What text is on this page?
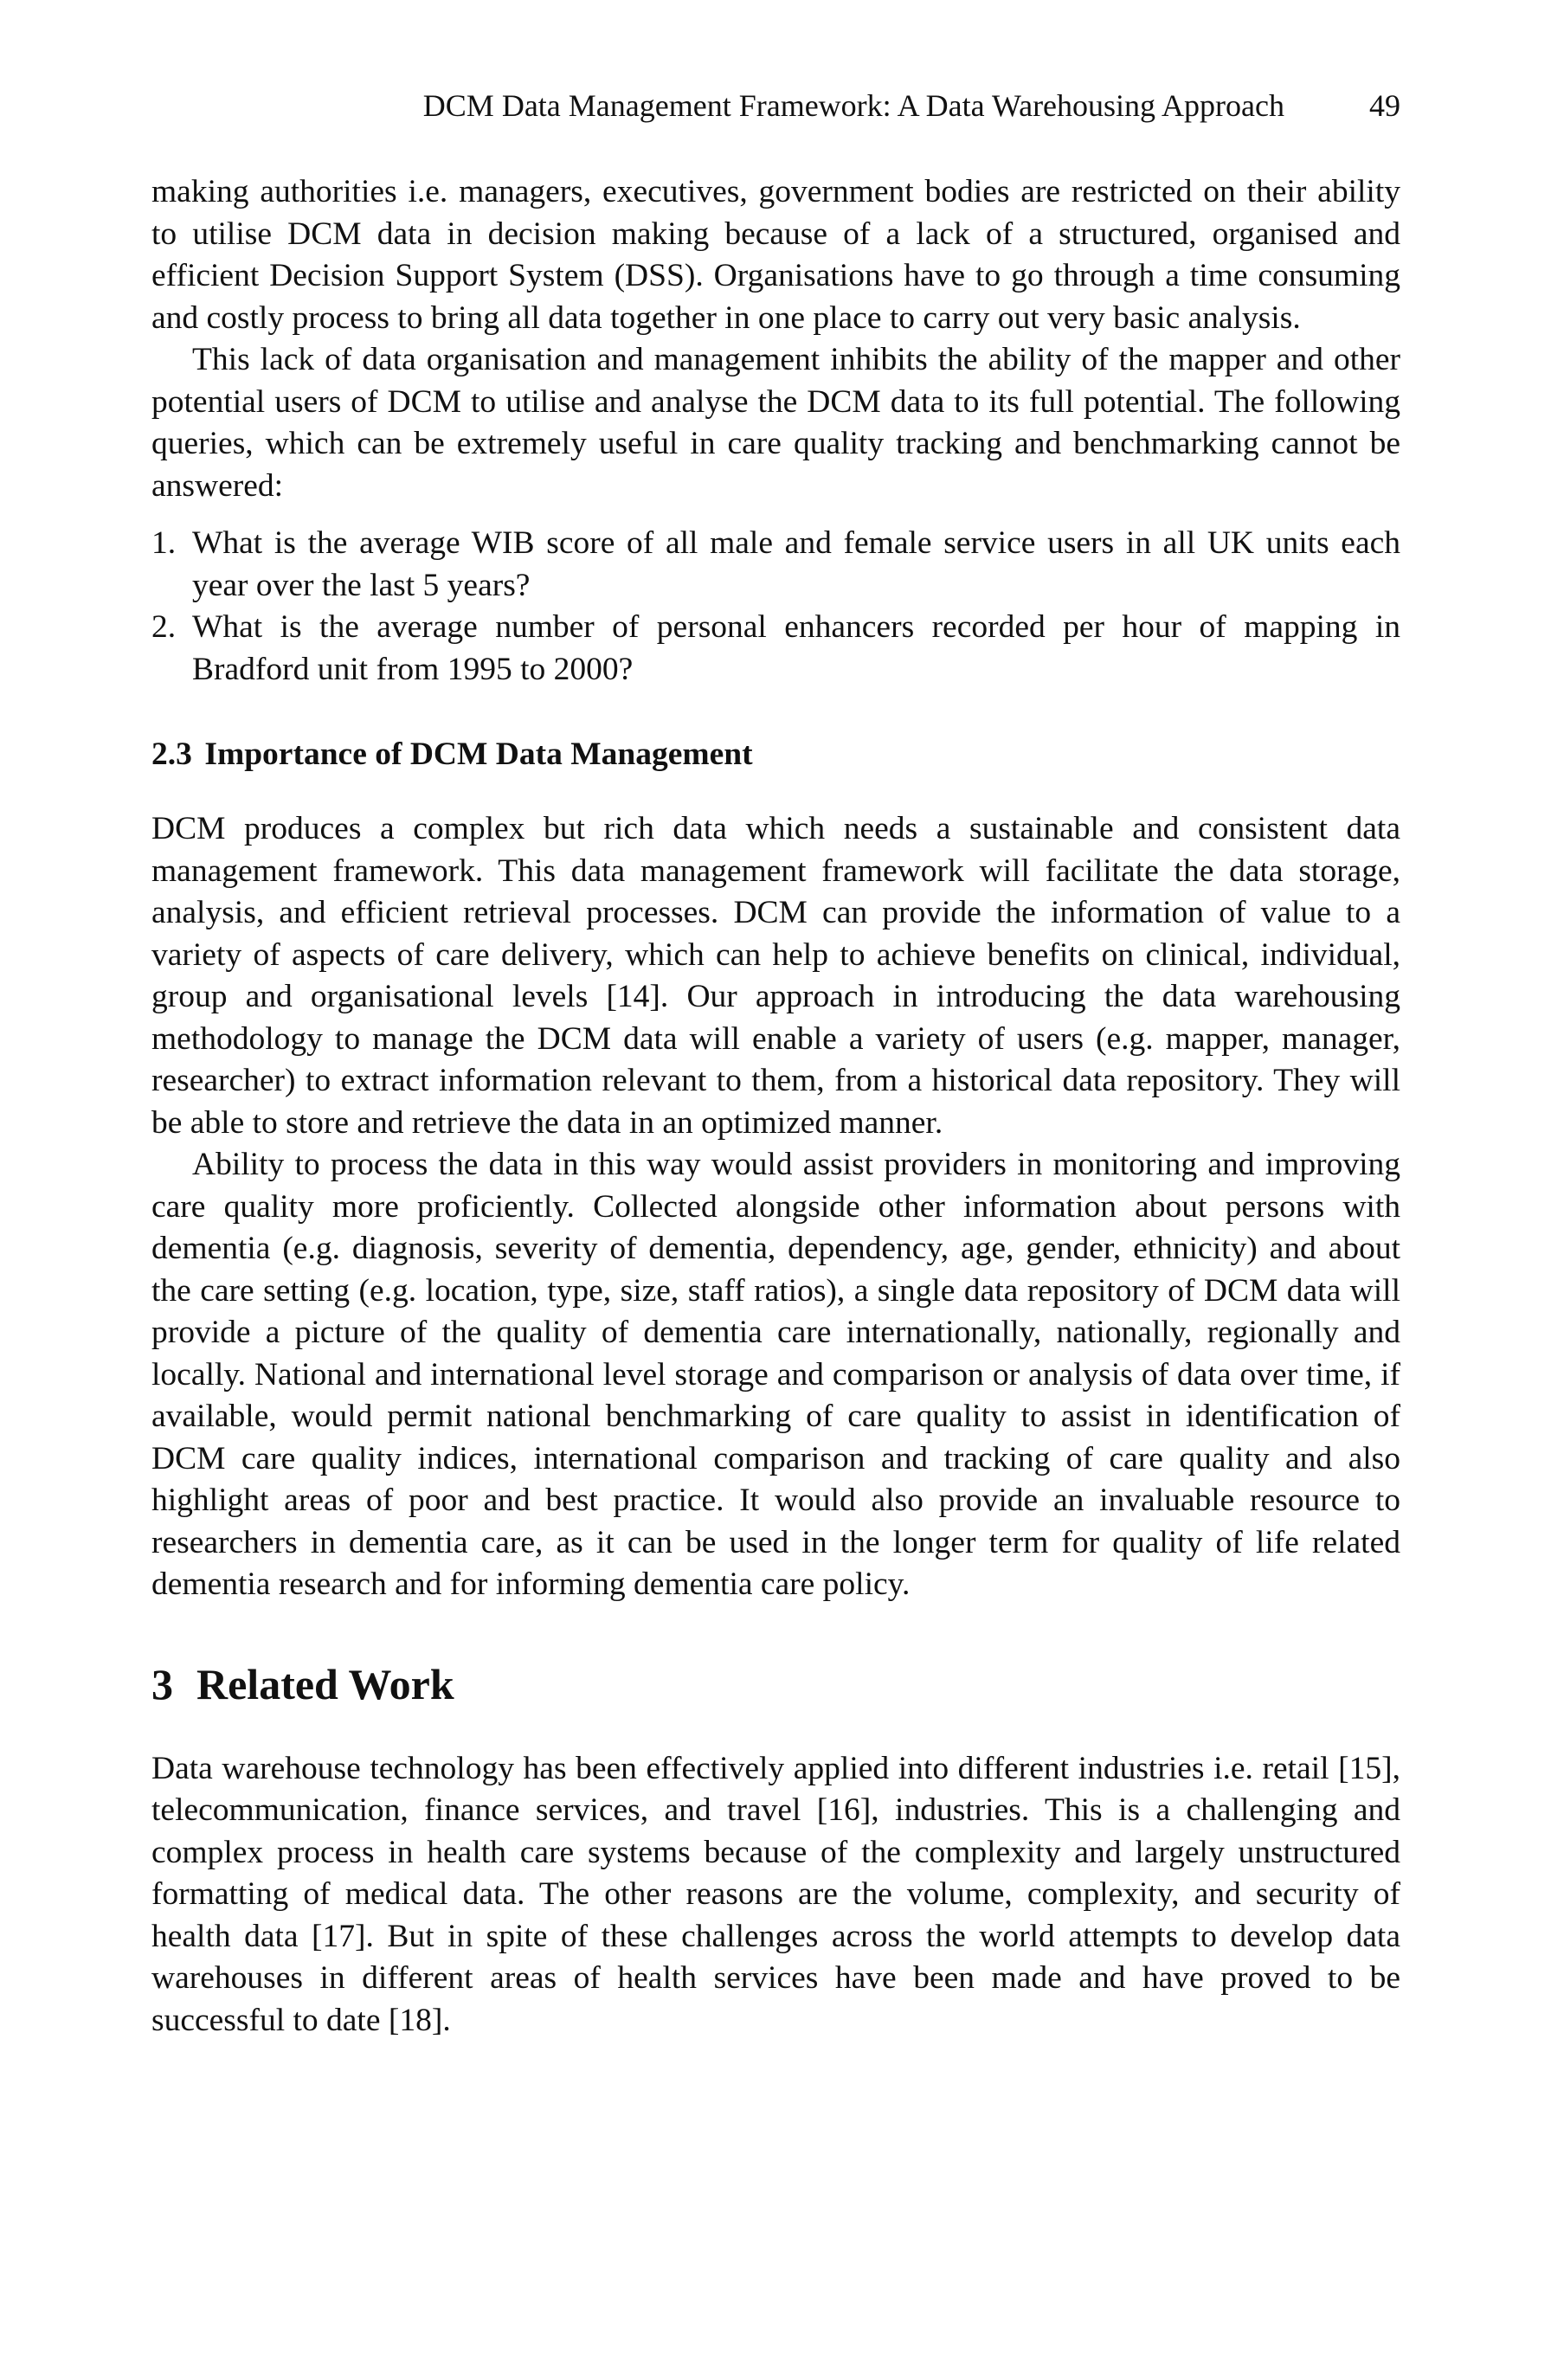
DCM Data Management Framework: A Data Warehousing Approach	49

making authorities i.e. managers, executives, government bodies are restricted on their ability to utilise DCM data in decision making because of a lack of a structured, organised and efficient Decision Support System (DSS). Organisations have to go through a time consuming and costly process to bring all data together in one place to carry out very basic analysis.

This lack of data organisation and management inhibits the ability of the mapper and other potential users of DCM to utilise and analyse the DCM data to its full potential. The following queries, which can be extremely useful in care quality tracking and benchmarking cannot be answered:

1. What is the average WIB score of all male and female service users in all UK units each year over the last 5 years?
2. What is the average number of personal enhancers recorded per hour of mapping in Bradford unit from 1995 to 2000?
2.3 Importance of DCM Data Management

DCM produces a complex but rich data which needs a sustainable and consistent data management framework. This data management framework will facilitate the data storage, analysis, and efficient retrieval processes. DCM can provide the information of value to a variety of aspects of care delivery, which can help to achieve benefits on clinical, individual, group and organisational levels [14]. Our approach in introducing the data warehousing methodology to manage the DCM data will enable a variety of users (e.g. mapper, manager, researcher) to extract information relevant to them, from a historical data repository. They will be able to store and retrieve the data in an optimized manner.

Ability to process the data in this way would assist providers in monitoring and improving care quality more proficiently. Collected alongside other information about persons with dementia (e.g. diagnosis, severity of dementia, dependency, age, gender, ethnicity) and about the care setting (e.g. location, type, size, staff ratios), a single data repository of DCM data will provide a picture of the quality of dementia care internationally, nationally, regionally and locally. National and international level storage and comparison or analysis of data over time, if available, would permit national benchmarking of care quality to assist in identification of DCM care quality indices, international comparison and tracking of care quality and also highlight areas of poor and best practice. It would also provide an invaluable resource to researchers in dementia care, as it can be used in the longer term for quality of life related dementia research and for informing dementia care policy.

3 Related Work

Data warehouse technology has been effectively applied into different industries i.e. retail [15], telecommunication, finance services, and travel [16], industries. This is a challenging and complex process in health care systems because of the complexity and largely unstructured formatting of medical data. The other reasons are the volume, complexity, and security of health data [17]. But in spite of these challenges across the world attempts to develop data warehouses in different areas of health services have been made and have proved to be successful to date [18].
